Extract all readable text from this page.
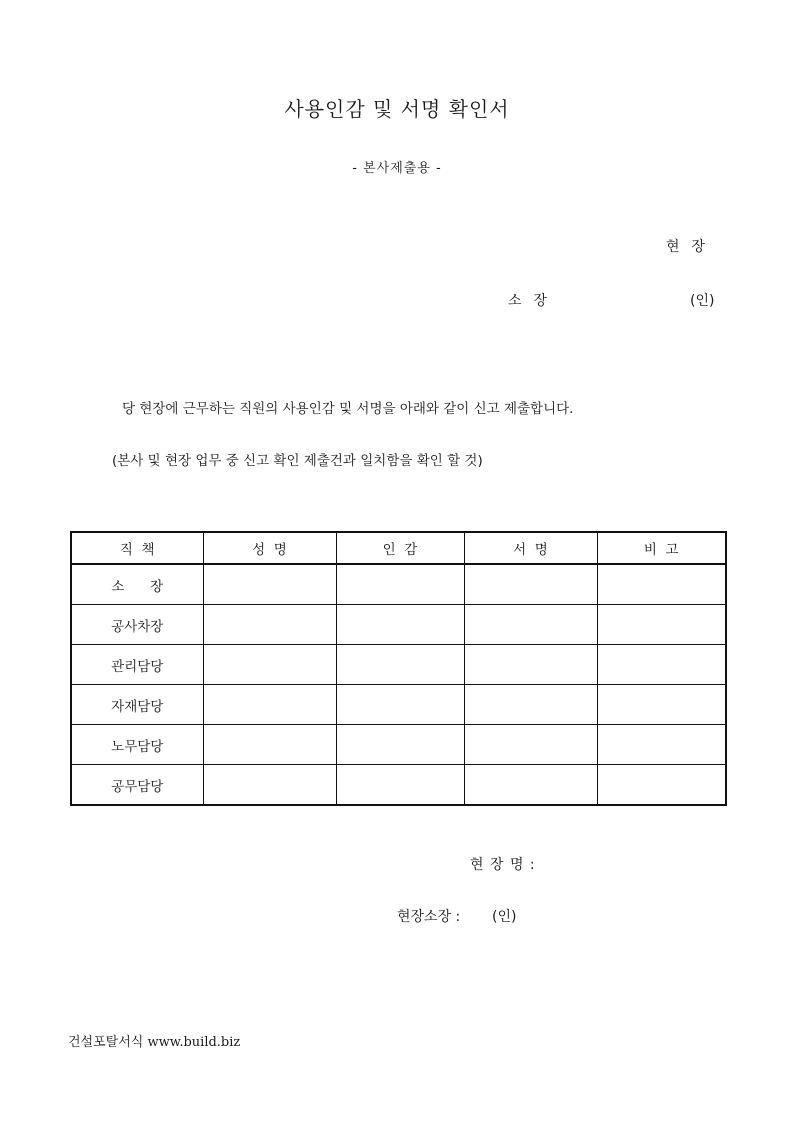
사용인감 및 서명 확인서
- 본사제출용 -
현  장
소  장	(인)
당 현장에 근무하는 직원의 사용인감 및 서명을 아래와 같이 신고 제출합니다.
(본사 및 현장 업무 중 신고 확인 제출건과 일치함을 확인 할 것)
직  책	성  명	인  감	서  명	비  고
소      장				
공사차장				
관리담당				
자재담당				
노무담당				
공무담당				
현 장 명 :
현장소장 : (인)
건설포탈서식 www.build.biz
